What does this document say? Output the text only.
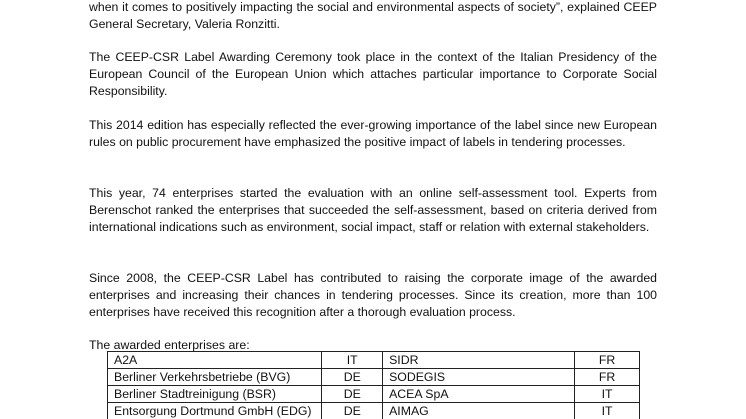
when it comes to positively impacting the social and environmental aspects of society”, explained CEEP General Secretary, Valeria Ronzitti.

The CEEP-CSR Label Awarding Ceremony took place in the context of the Italian Presidency of the European Council of the European Union which attaches particular importance to Corporate Social Responsibility.

This 2014 edition has especially reflected the ever-growing importance of the label since new European rules on public procurement have emphasized the positive impact of labels in tendering processes.

This year, 74 enterprises started the evaluation with an online self-assessment tool. Experts from Berenschot ranked the enterprises that succeeded the self-assessment, based on criteria derived from international indications such as environment, social impact, staff or relation with external stakeholders.

Since 2008, the CEEP-CSR Label has contributed to raising the corporate image of the awarded enterprises and increasing their chances in tendering processes. Since its creation, more than 100 enterprises have received this recognition after a thorough evaluation process.

The awarded enterprises are:

A2A	IT	SIDR	FR
Berliner Verkehrsbetriebe (BVG)	DE	SODEGIS	FR
Berliner Stadtreinigung (BSR)	DE	ACEA SpA	IT
Entsorgung Dortmund GmbH (EDG)	DE	AIMAG	IT
